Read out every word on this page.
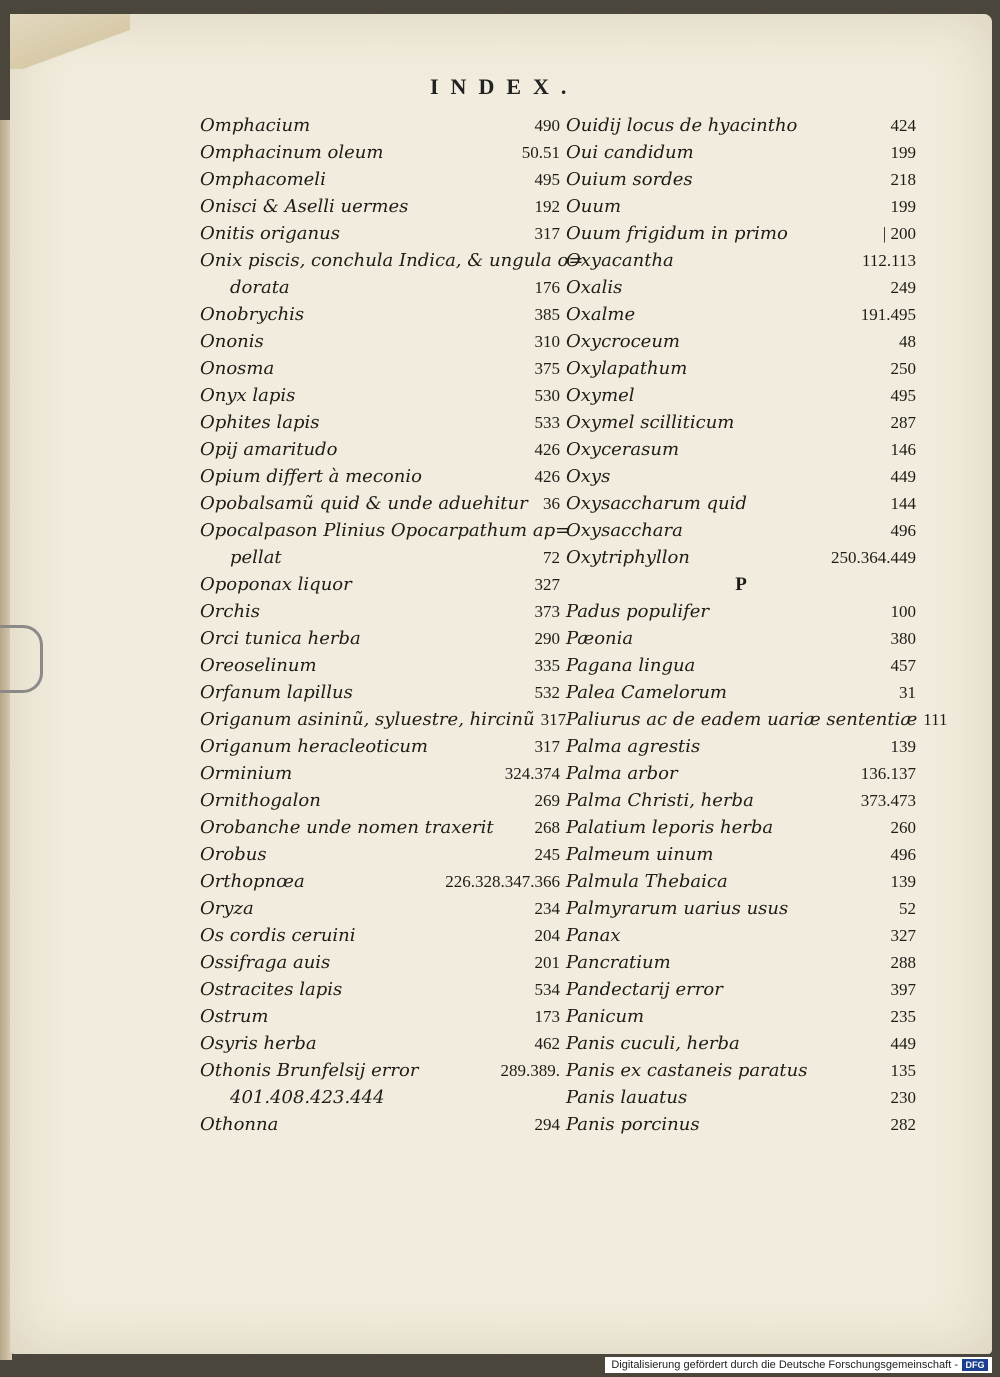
INDEX.
Omphacium	490
Omphacinum oleum	50.51
Omphacomeli	495
Onisci & Aselli uermes	192
Onitis origanus	317
Onix piscis, conchula Indica, & ungula o=
dorata	176
Onobrychis	385
Ononis	310
Onosma	375
Onyx lapis	530
Ophites lapis	533
Opij amaritudo	426
Opium differt à meconio	426
Opobalsamũ quid & unde aduehitur 36
Opocalpason Plinius Opocarpathum ap=
pellat	72
Opoponax liquor	327
Orchis	373
Orci tunica herba	290
Oreoselinum	335
Orfanum lapillus	532
Origanum asininũ, syluestre, hircinũ 317
Origanum heracleoticum	317
Orminium	324.374
Ornithogalon	269
Orobanche unde nomen traxerit	268
Orobus	245
Orthopnœa	226.328.347.366
Oryza	234
Os cordis ceruini	204
Ossifraga auis	201
Ostracites lapis	534
Ostrum	173
Osyris herba	462
Othonis Brunfelsij error	289.389.
401.408.423.444
Othonna	294
Ouidij locus de hyacintho	424
Oui candidum	199
Ouium sordes	218
Ouum	199
Ouum frigidum in primo	| 200
Oxyacantha	112.113
Oxalis	249
Oxalme	191.495
Oxycroceum	48
Oxylapathum	250
Oxymel	495
Oxymel scilliticum	287
Oxycerasum	146
Oxys	449
Oxysaccharum quid	144
Oxysacchara	496
Oxytriphyllon	250.364.449
P
Padus populifer	100
Pæonia	380
Pagana lingua	457
Palea Camelorum	31
Paliurus ac de eadem uariæ sententiæ 111
Palma agrestis	139
Palma arbor	136.137
Palma Christi, herba	373.473
Palatium leporis herba	260
Palmeum uinum	496
Palmula Thebaica	139
Palmyrarum uarius usus	52
Panax	327
Pancratium	288
Pandectarij error	397
Panicum	235
Panis cuculi, herba	449
Panis ex castaneis paratus	135
Panis lauatus	230
Panis porcinus	282
Digitalisierung gefördert durch die Deutsche Forschungsgemeinschaft - DFG
